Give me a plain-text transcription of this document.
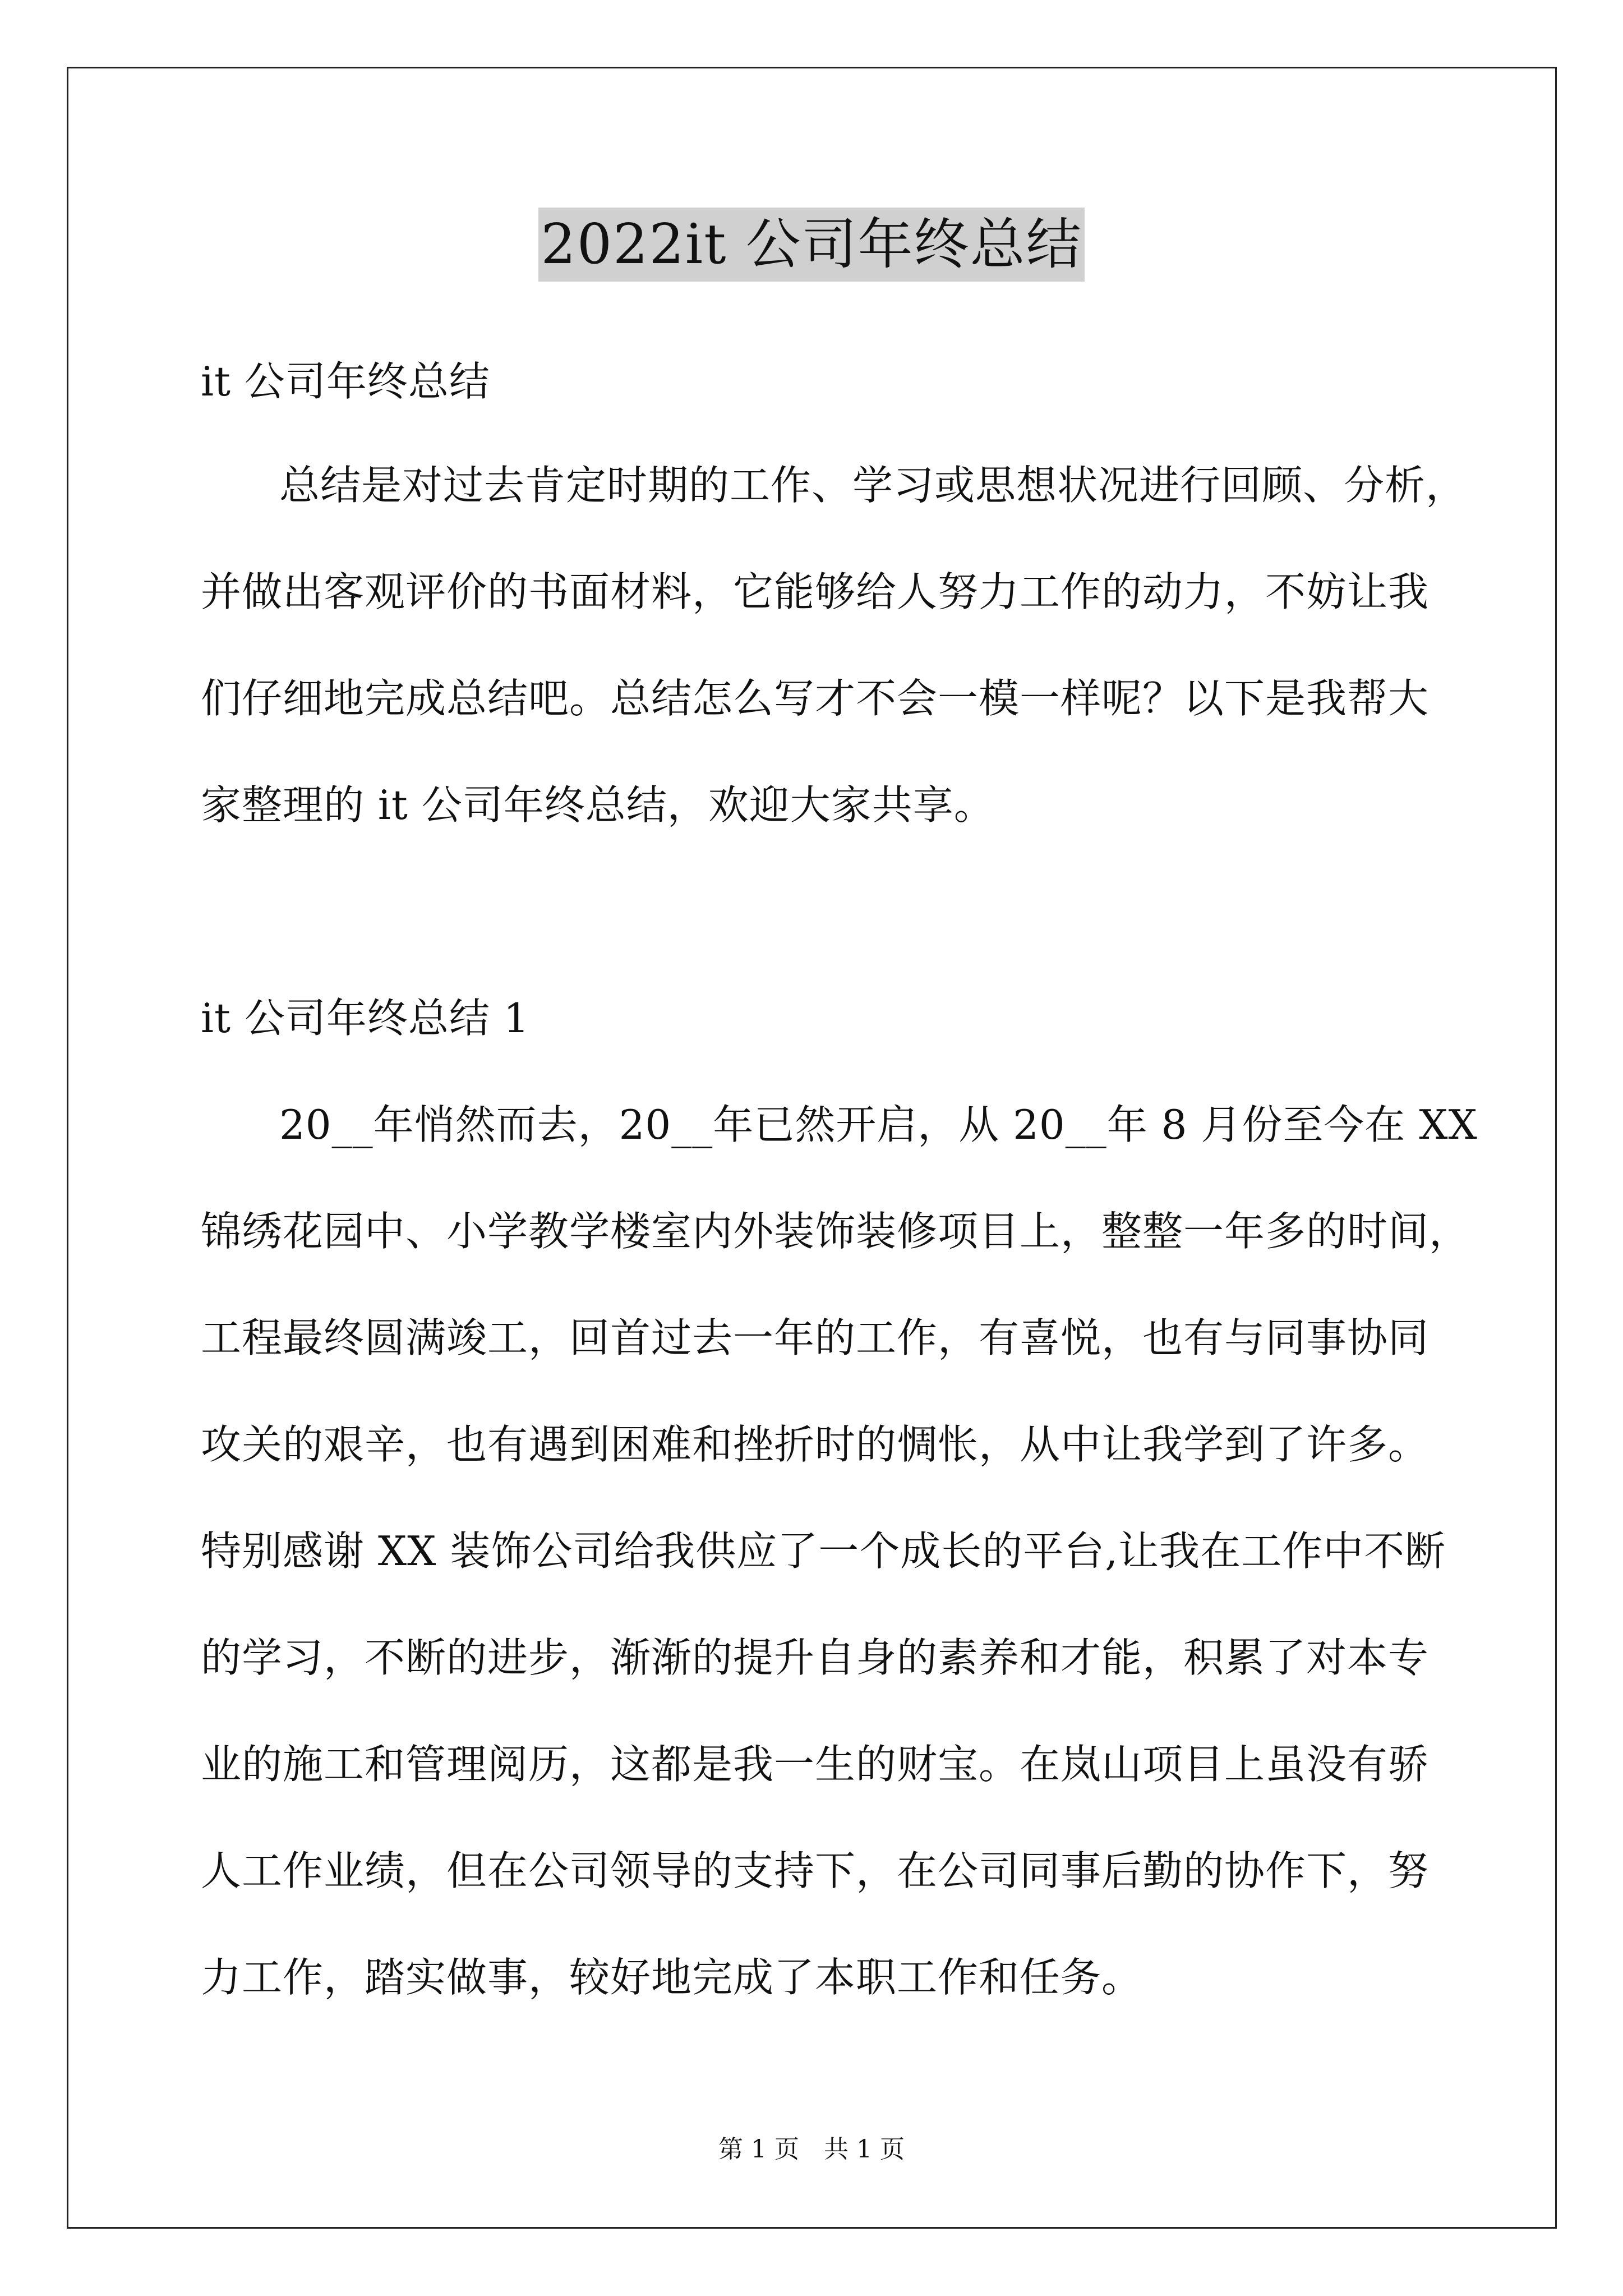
2022it 公司年终总结
it 公司年终总结
总结是对过去肯定时期的工作、学习或思想状况进行回顾、分析，
并做出客观评价的书面材料，它能够给人努力工作的动力，不妨让我
们仔细地完成总结吧。总结怎么写才不会一模一样呢？以下是我帮大
家整理的 it 公司年终总结，欢迎大家共享。
it 公司年终总结 1
20__年悄然而去，20__年已然开启，从 20__年 8 月份至今在 XX
锦绣花园中、小学教学楼室内外装饰装修项目上，整整一年多的时间，
工程最终圆满竣工，回首过去一年的工作，有喜悦，也有与同事协同
攻关的艰辛，也有遇到困难和挫折时的惆怅，从中让我学到了许多。
特别感谢 XX 装饰公司给我供应了一个成长的平台,让我在工作中不断
的学习，不断的进步，渐渐的提升自身的素养和才能，积累了对本专
业的施工和管理阅历，这都是我一生的财宝。在岚山项目上虽没有骄
人工作业绩，但在公司领导的支持下，在公司同事后勤的协作下，努
力工作，踏实做事，较好地完成了本职工作和任务。
第 1 页　共 1 页
